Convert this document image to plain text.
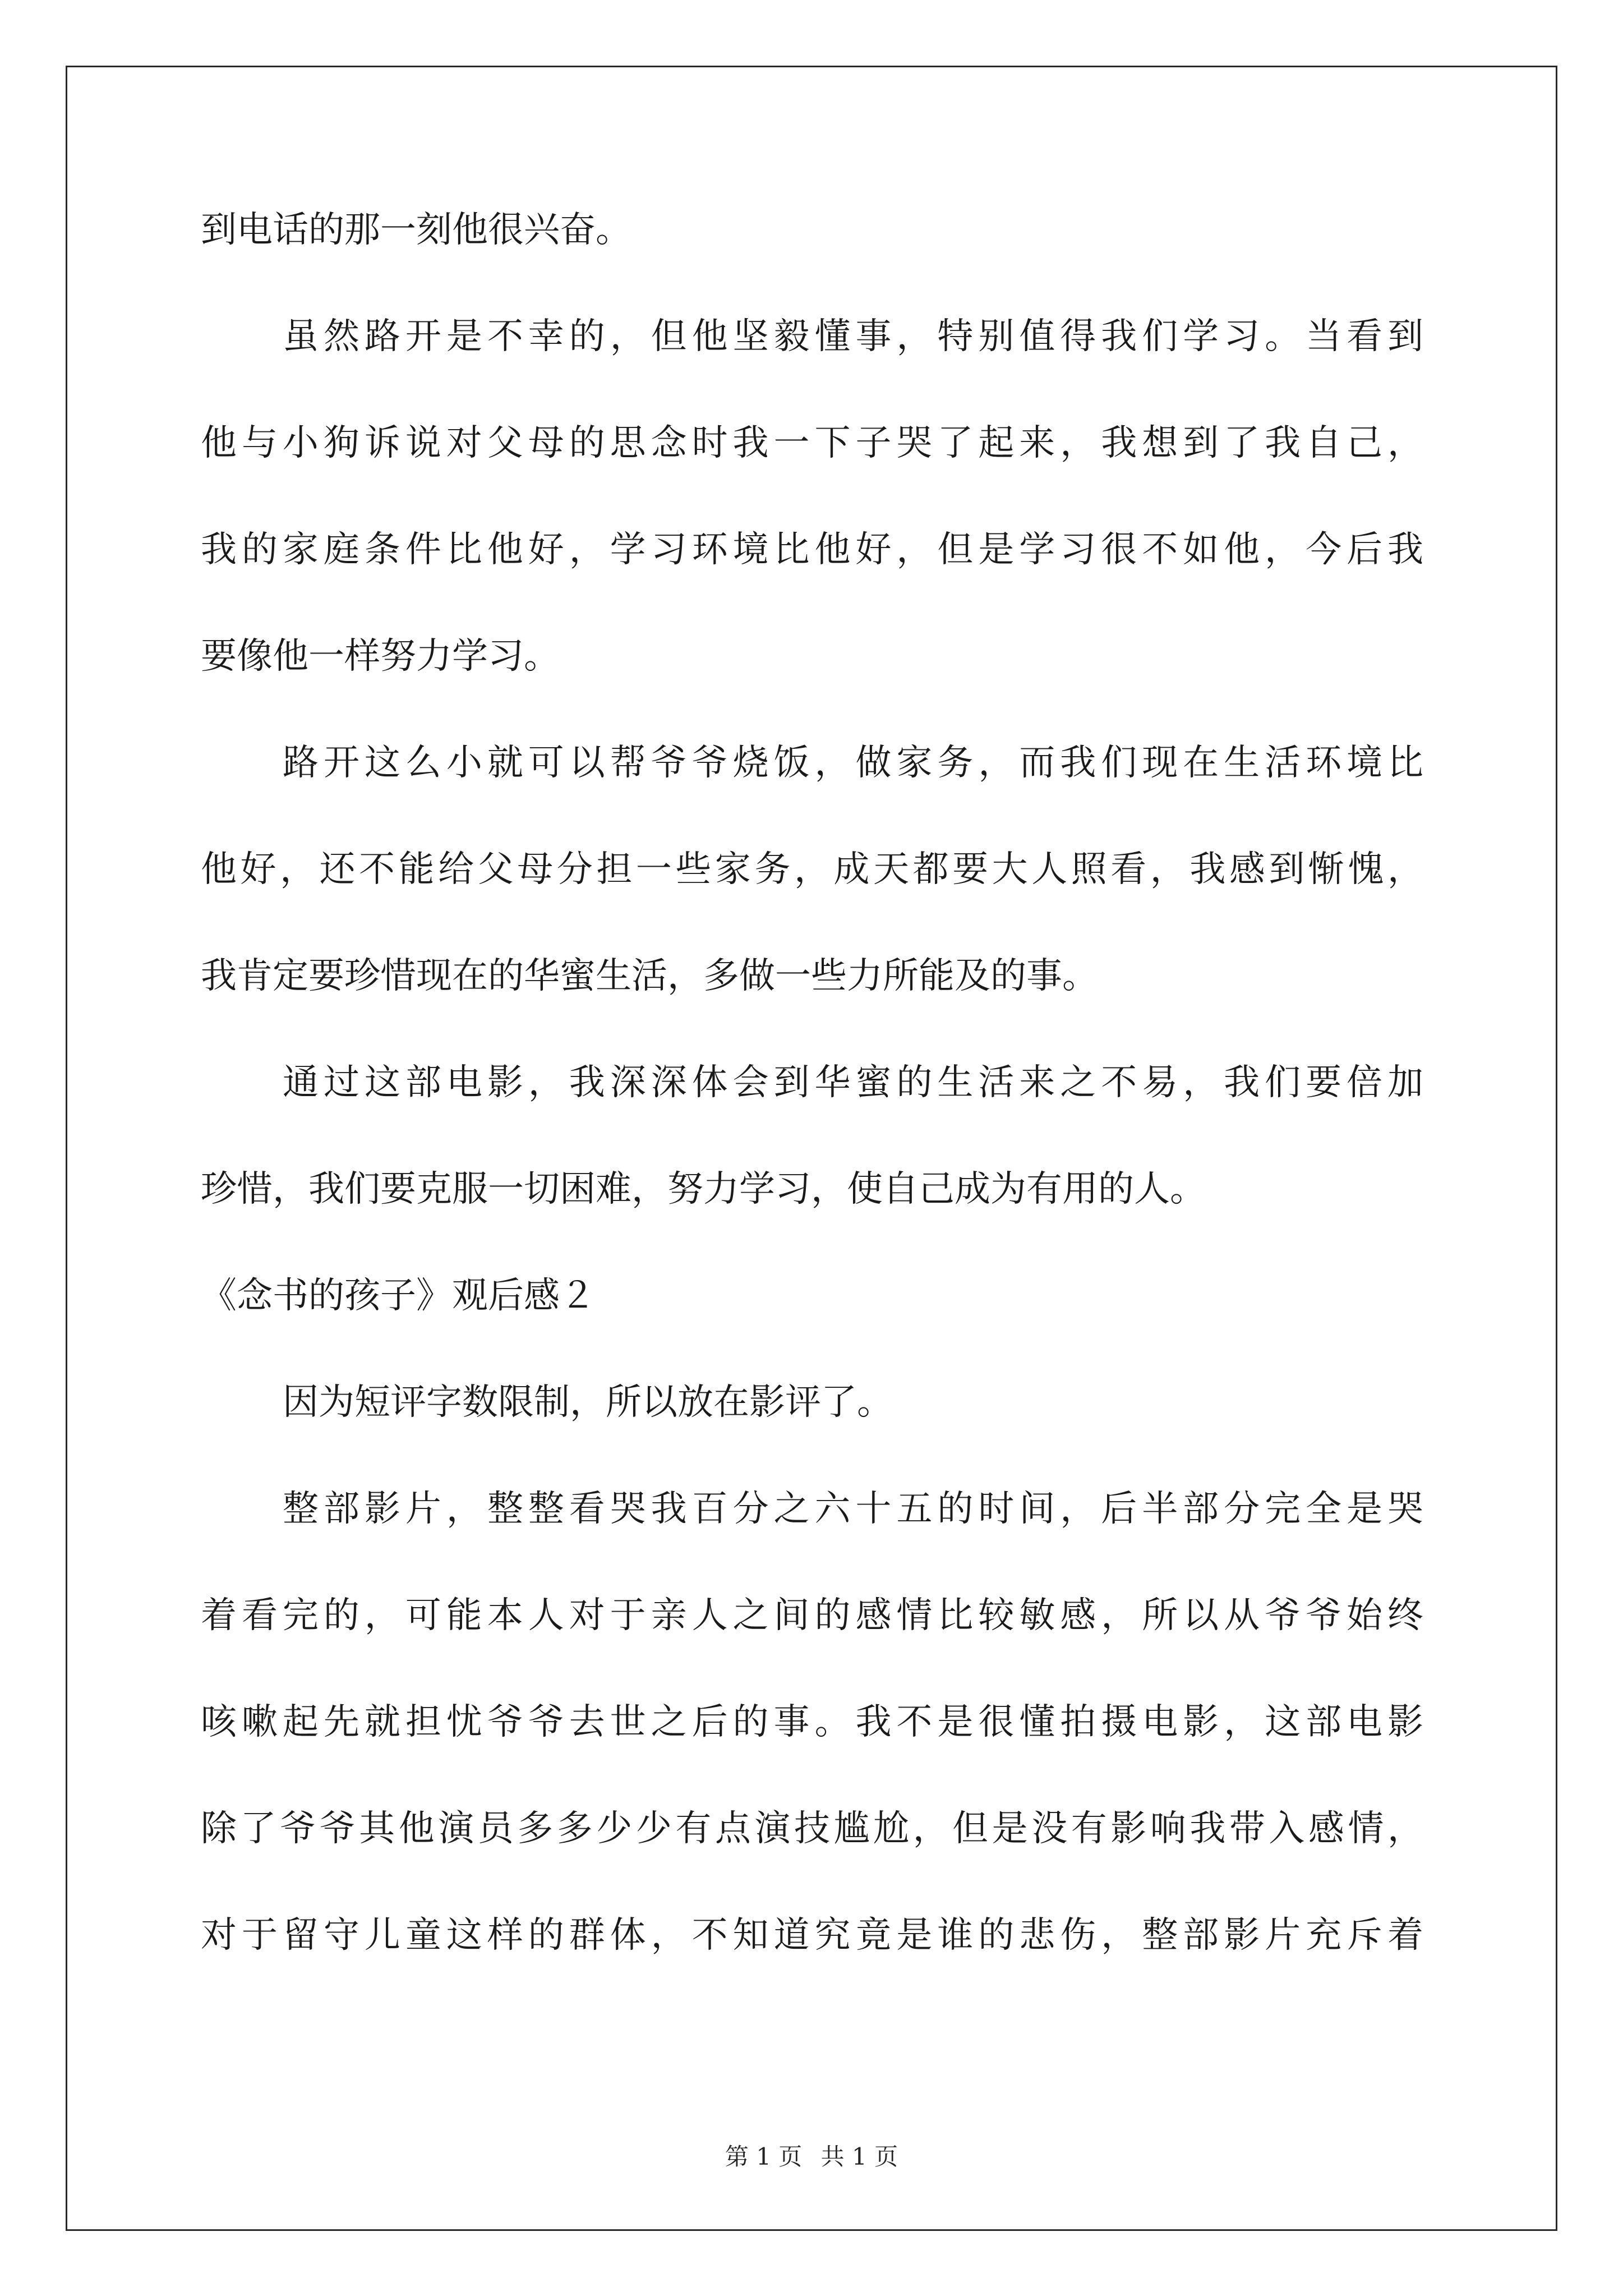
到电话的那一刻他很兴奋。
虽然路开是不幸的，但他坚毅懂事，特别值得我们学习。当看到
他与小狗诉说对父母的思念时我一下子哭了起来，我想到了我自己，
我的家庭条件比他好，学习环境比他好，但是学习很不如他，今后我
要像他一样努力学习。
路开这么小就可以帮爷爷烧饭，做家务，而我们现在生活环境比
他好，还不能给父母分担一些家务，成天都要大人照看，我感到惭愧，
我肯定要珍惜现在的华蜜生活，多做一些力所能及的事。
通过这部电影，我深深体会到华蜜的生活来之不易，我们要倍加
珍惜，我们要克服一切困难，努力学习，使自己成为有用的人。
《念书的孩子》观后感２
因为短评字数限制，所以放在影评了。
整部影片，整整看哭我百分之六十五的时间，后半部分完全是哭
着看完的，可能本人对于亲人之间的感情比较敏感，所以从爷爷始终
咳嗽起先就担忧爷爷去世之后的事。我不是很懂拍摄电影，这部电影
除了爷爷其他演员多多少少有点演技尴尬，但是没有影响我带入感情，
对于留守儿童这样的群体，不知道究竟是谁的悲伤，整部影片充斥着
第 1 页 共 1 页
